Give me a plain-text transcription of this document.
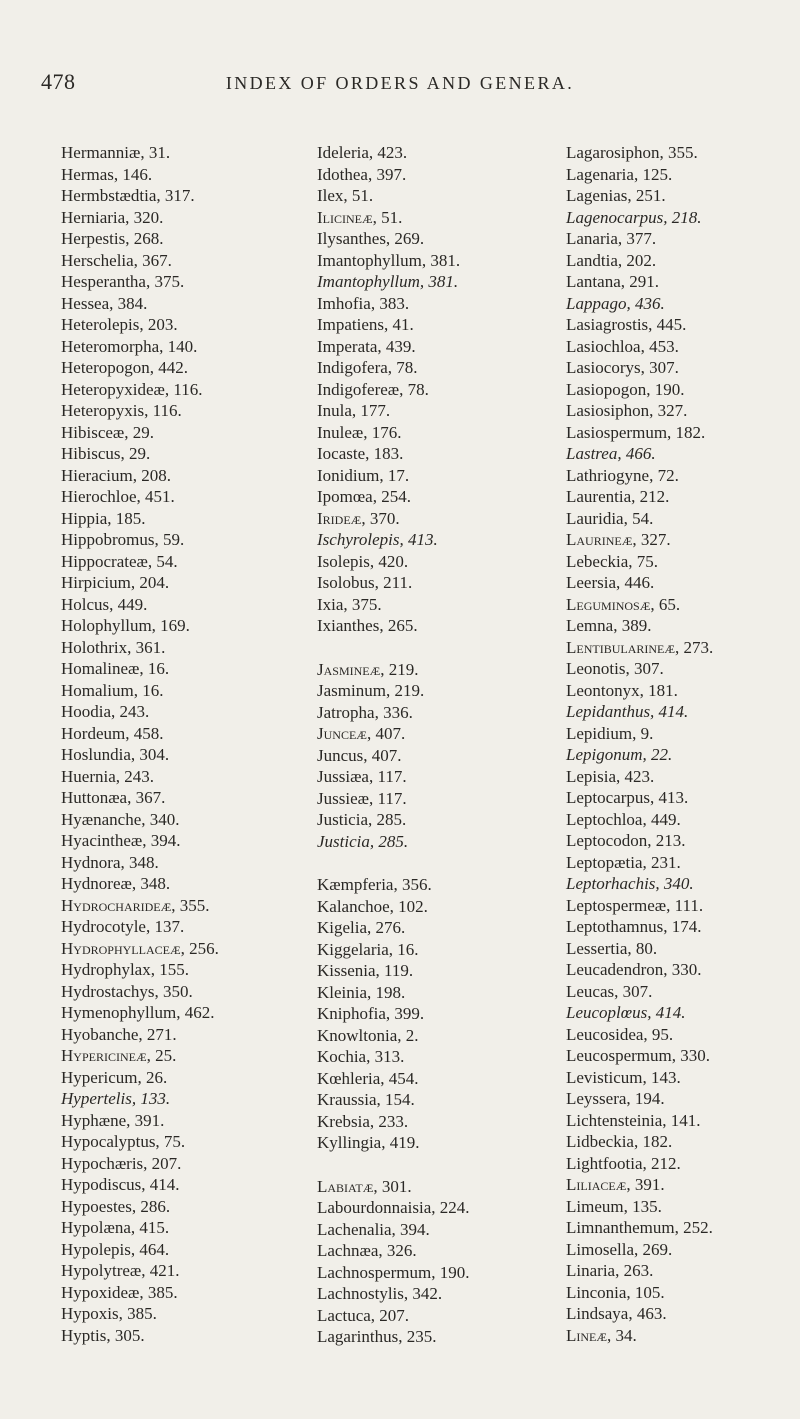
478	INDEX OF ORDERS AND GENERA.
Hermanniæ, 31.
Hermas, 146.
Hermbstædtia, 317.
Herniaria, 320.
Herpestis, 268.
Herschelia, 367.
Hesperantha, 375.
Hessea, 384.
Heterolepis, 203.
Heteromorpha, 140.
Heteropogon, 442.
Heteropyxideæ, 116.
Heteropyxis, 116.
Hibisceæ, 29.
Hibiscus, 29.
Hieracium, 208.
Hierochloe, 451.
Hippia, 185.
Hippobromus, 59.
Hippocrateæ, 54.
Hirpicium, 204.
Holcus, 449.
Holophyllum, 169.
Holothrix, 361.
Homalineæ, 16.
Homalium, 16.
Hoodia, 243.
Hordeum, 458.
Hoslundia, 304.
Huernia, 243.
Huttonæa, 367.
Hyænanche, 340.
Hyacintheæ, 394.
Hydnora, 348.
Hydnoreæ, 348.
Hydrocharideæ, 355.
Hydrocotyle, 137.
Hydrophyllaceæ, 256.
Hydrophylax, 155.
Hydrostachys, 350.
Hymenophyllum, 462.
Hyobanche, 271.
Hypericineæ, 25.
Hypericum, 26.
Hypertelis, 133.
Hyphæne, 391.
Hypocalyptus, 75.
Hypochæris, 207.
Hypodiscus, 414.
Hypoestes, 286.
Hypolæna, 415.
Hypolepis, 464.
Hypolytreæ, 421.
Hypoxideæ, 385.
Hypoxis, 385.
Hyptis, 305.
Ideleria, 423.
Idothea, 397.
Ilex, 51.
Ilicineæ, 51.
Ilysanthes, 269.
Imantophyllum, 381.
Imantophyllum, 381.
Imhofia, 383.
Impatiens, 41.
Imperata, 439.
Indigofera, 78.
Indigofereæ, 78.
Inula, 177.
Inuleæ, 176.
Iocaste, 183.
Ionidium, 17.
Ipomœa, 254.
Irideæ, 370.
Ischyrolepis, 413.
Isolepis, 420.
Isolobus, 211.
Ixia, 375.
Ixianthes, 265.
Jasmineæ, 219.
Jasminum, 219.
Jatropha, 336.
Junceæ, 407.
Juncus, 407.
Jussiæa, 117.
Jussieæ, 117.
Justicia, 285.
Justicia, 285.
Kæmpferia, 356.
Kalanchoe, 102.
Kigelia, 276.
Kiggelaria, 16.
Kissenia, 119.
Kleinia, 198.
Kniphofia, 399.
Knowltonia, 2.
Kochia, 313.
Kœhleria, 454.
Kraussia, 154.
Krebsia, 233.
Kyllingia, 419.
Labiatæ, 301.
Labourdonnaisia, 224.
Lachenalia, 394.
Lachnæa, 326.
Lachnospermum, 190.
Lachnostylis, 342.
Lactuca, 207.
Lagarinthus, 235.
Lagarosiphon, 355.
Lagenaria, 125.
Lagenias, 251.
Lagenocarpus, 218.
Lanaria, 377.
Landtia, 202.
Lantana, 291.
Lappago, 436.
Lasiagrostis, 445.
Lasiochloa, 453.
Lasiocorys, 307.
Lasiopogon, 190.
Lasiosiphon, 327.
Lasiospermum, 182.
Lastrea, 466.
Lathriogyne, 72.
Laurentia, 212.
Lauridia, 54.
Laurineæ, 327.
Lebeckia, 75.
Leersia, 446.
Leguminosæ, 65.
Lemna, 389.
Lentibularineæ, 273.
Leonotis, 307.
Leontonyx, 181.
Lepidanthus, 414.
Lepidium, 9.
Lepigonum, 22.
Lepisia, 423.
Leptocarpus, 413.
Leptochloa, 449.
Leptocodon, 213.
Leptopætia, 231.
Leptorhachis, 340.
Leptospermeæ, 111.
Leptothamnus, 174.
Lessertia, 80.
Leucadendron, 330.
Leucas, 307.
Leucoplœus, 414.
Leucosidea, 95.
Leucospermum, 330.
Levisticum, 143.
Leyssera, 194.
Lichtensteinia, 141.
Lidbeckia, 182.
Lightfootia, 212.
Liliaceæ, 391.
Limeum, 135.
Limnanthemum, 252.
Limosella, 269.
Linaria, 263.
Linconia, 105.
Lindsaya, 463.
Lineæ, 34.
